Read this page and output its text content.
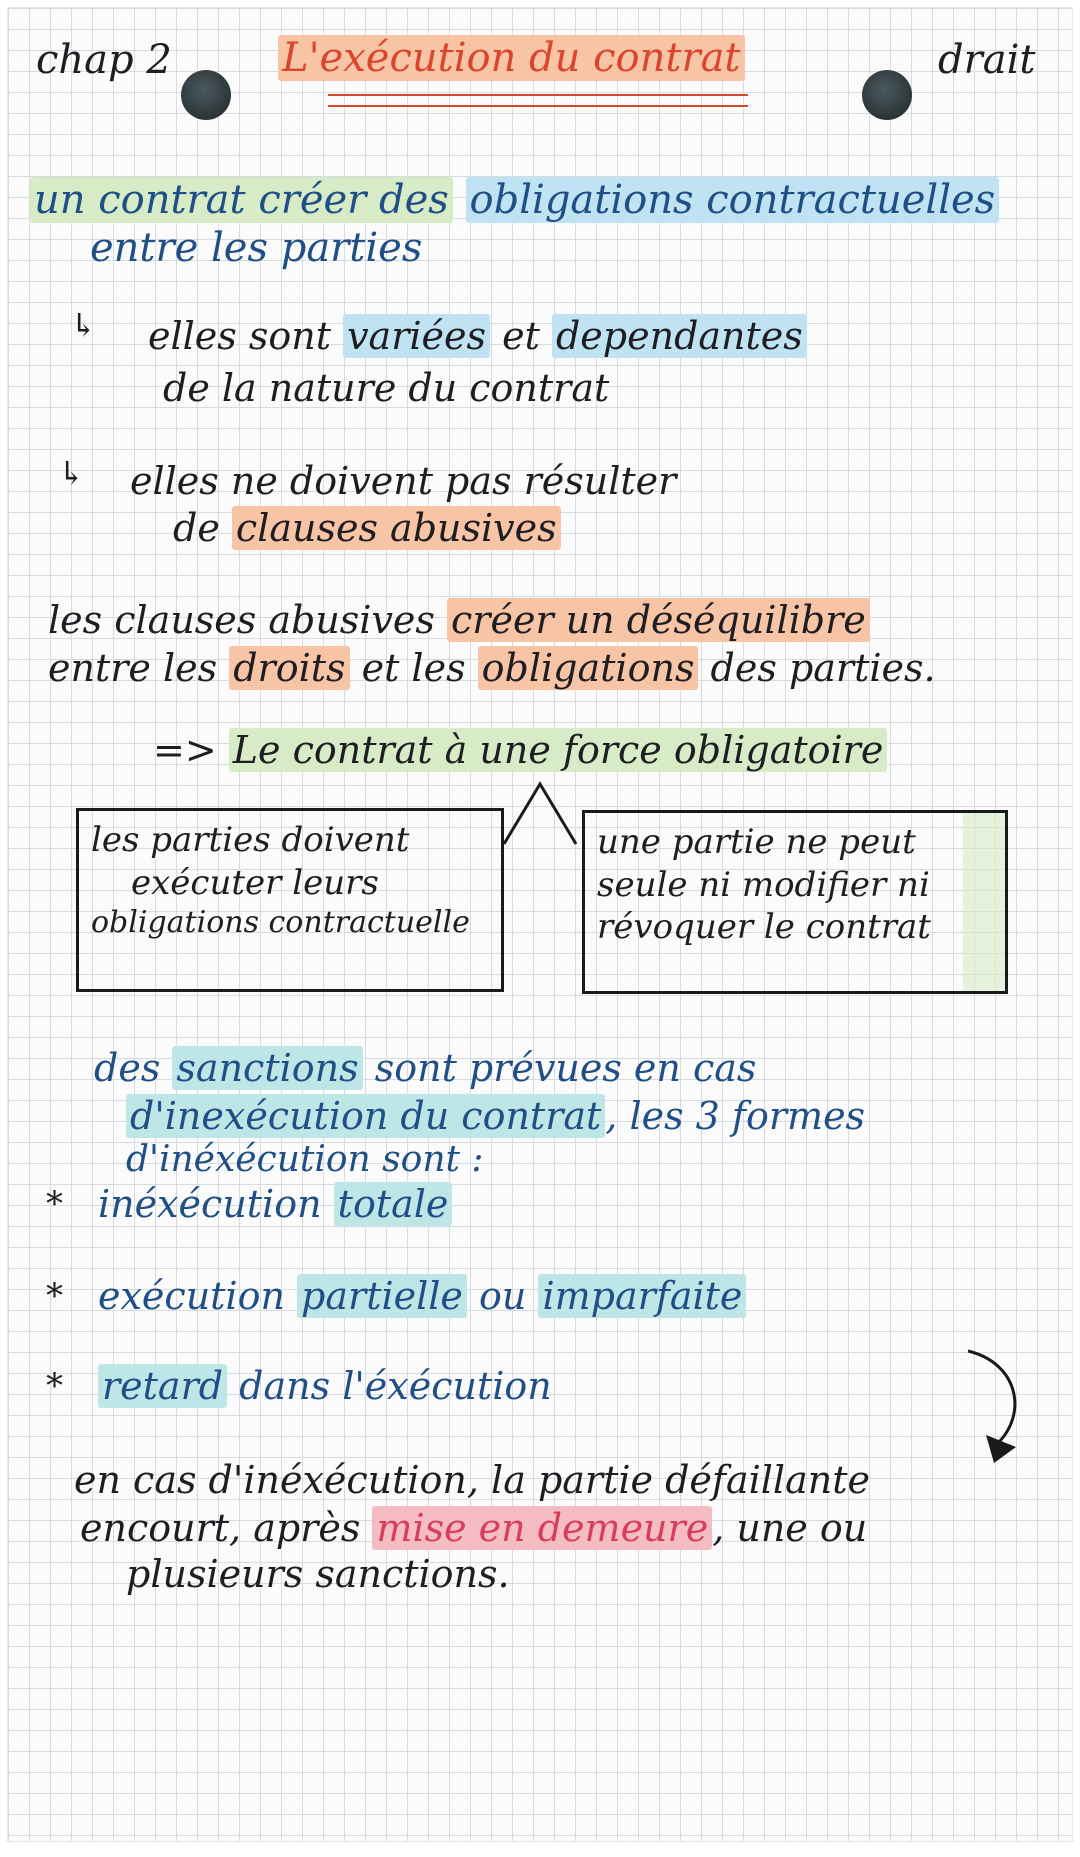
chap 2	L'exécution du contrat	drait
un contrat créer des obligations contractuelles
entre les parties
↳ elles sont variées et dependantes
de la nature du contrat
↳ elles ne doivent pas résulter
de clauses abusives
les clauses abusives créer un déséquilibre
entre les droits et les obligations des parties.
=> Le contrat à une force obligatoire
les parties doivent
exécuter leurs
obligations contractuelle
une partie ne peut
seule ni modifier ni
révoquer le contrat
des sanctions sont prévues en cas
d'inexécution du contrat , les 3 formes
d'inéxécution sont :
* inéxécution totale
* exécution partielle ou imparfaite
* retard dans l'éxécution
en cas d'inéxécution, la partie défaillante
encourt, après mise en demeure , une ou
plusieurs sanctions.
